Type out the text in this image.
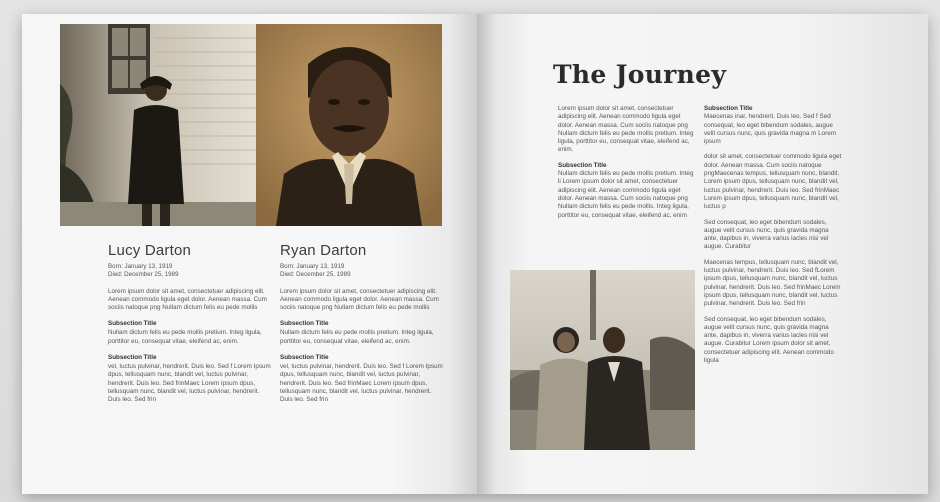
Lucy Darton
Born: January 13, 1919
Died: December 25, 1989
Lorem ipsum dolor sit amet, consectetuer adipiscing elit. Aenean commodo ligula eget dolor. Aenean massa. Cum sociis natoque png Nullam dictum felis eu pede mollis
Subsection Title
Nullam dictum felis eu pede mollis pretium. Integ ligula, porttitor eu, consequat vitae, eleifend ac, enim.
Subsection Title
vel, luctus pulvinar, hendrerit. Duis leo. Sed f Lorem Ipsum dpus, tellusquam nunc, blandit vel, luctus pulvinar, hendrerit. Duis leo. Sed frinMaec Lorem ipsum dpus, tellusquam nunc, blandit vel, luctus pulvinar, hendrerit. Duis leo. Sed frin
Ryan Darton
Born: January 13, 1919
Died: December 25, 1989
Lorem ipsum dolor sit amet, consectetuer adipiscing elit. Aenean commodo ligula eget dolor. Aenean massa. Cum sociis natoque png Nullam dictum felis eu pede mollis
Subsection Title
Nullam dictum felis eu pede mollis pretium. Integ ligula, porttitor eu, consequat vitae, eleifend ac, enim.
Subsection Title
vel, luctus pulvinar, hendrerit. Duis leo. Sed f Lorem Ipsum dpus, tellusquam nunc, blandit vel, luctus pulvinar, hendrerit. Duis leo. Sed frinMaec Lorem ipsum dpus, tellusquam nunc, blandit vel, luctus pulvinar, hendrerit. Duis leo. Sed frin
The Journey

Lorem ipsum dolor sit amet, consectetuer adipiscing elit. Aenean commodo ligula eget dolor. Aenean massa. Cum sociis natoque png Nullam dictum felis eu pede mollis pretium. Integ ligula, porttitor eu, consequat vitae, eleifend ac, enim.

Subsection Title

Nullam dictum felis eu pede mollis pretium. Integ li Lorem ipsum dolor sit amet, consectetuer adipiscing elit. Aenean commodo ligula eget dolor. Aenean massa. Cum sociis natoque png Nullam dictum felis eu pede mollis. Integ ligula, porttitor eu, consequat vitae, eleifend ac, enim

Subsection Title

Maecenas inar, hendrerit. Duis leo. Sed f Sed consequat, leo eget bibendum sodales, augue velit cursus nunc, quis gravida magna m Lorem ipsum

dolor sit amet, consectetuer commodo ligula eget dolor. Aenean massa. Cum sociis natoque pngMaecenas tempus, tellusquam nunc, blandit. Lorem ipsum dpus, tellusquam nunc, blandit vel, luctus pulvinar, hendrerit. Duis leo. Sed frinMaec Lorem ipsum dpus, tellusquam nunc, blandit vel, luctus p

Sed consequat, leo eget bibendum sodales, augue velit cursus nunc, quis gravida magna ante, dapibus in, viverra varius lacles nisi vel augue. Curabitur

Maecenas tempus, tellusquam nunc, blandit vel, luctus pulvinar, hendrerit. Duis leo. Sed fLorem ipsum dpus, tellusquam nunc, blandit vel, luctus pulvinar, hendrerit. Duis leo. Sed frinMaec Lorem ipsum dpus, tellusquam nunc, blandit vel, luctus pulvinar, hendrerit. Duis leo. Sed frin

Sed consequat, leo eget bibendum sodales, augue velit cursus nunc, quis gravida magna ante, dapibus in, viverra varius lacles nisi vel augue. Curabitur Lorem ipsum dolor sit amet, consectetuer adipiscing elit. Aenean commodo ligula
